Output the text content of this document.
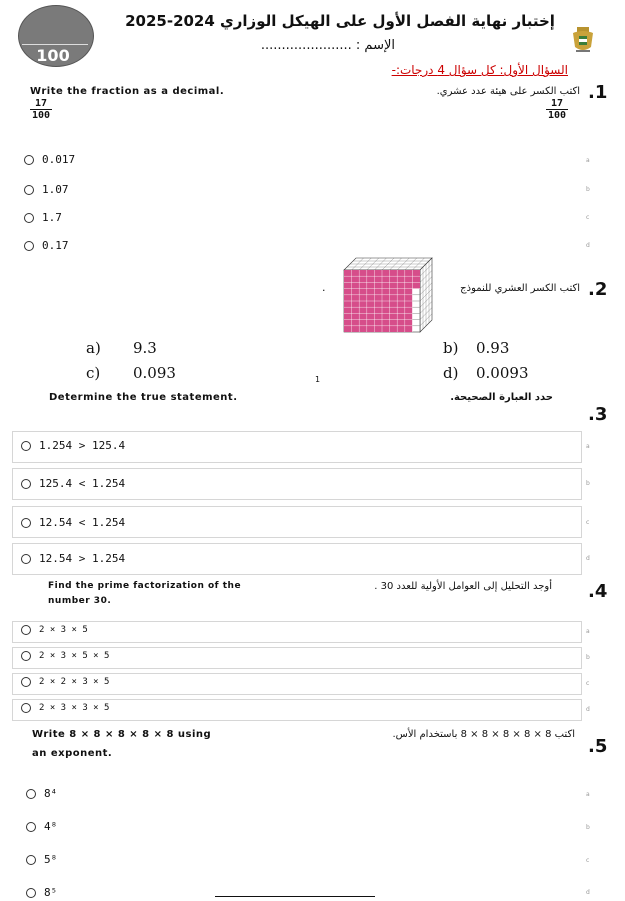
100
إختبار نهاية الفصل الأول على الهيكل الوزاري 2024-2025
الإسم : ......................
السؤال الأول: كل سؤال 4 درجات:-
.1
Write the fraction as a decimal.	اكتب الكسر على هيئة عدد عشري.
$\frac{17}{100}$	$\frac{17}{100}$
0.017
1.07
1.7
0.17
a
b
c
d
.2
اكتب الكسر العشري للنموذج
.
a) 9.3	b) 0.93
c) 0.093	d) 0.0093
1
Determine the true statement.	حدد العبارة الصحيحة.
.3
1.254 > 125.4
125.4 < 1.254
12.54 < 1.254
12.54 > 1.254
a
b
c
d
Find the prime factorization of the
number 30.
أوجد التحليل إلى العوامل الأولية للعدد 30 . .4
2 × 3 × 5
2 × 3 × 5 × 5
2 × 2 × 3 × 5
2 × 3 × 3 × 5
a
b
c
d
Write 8 × 8 × 8 × 8 × 8 using
an exponent.
اكتب 8 × 8 × 8 × 8 × 8 باستخدام الأس.
.5
8⁴
4⁸
5⁸
8⁵
a
b
c
d
